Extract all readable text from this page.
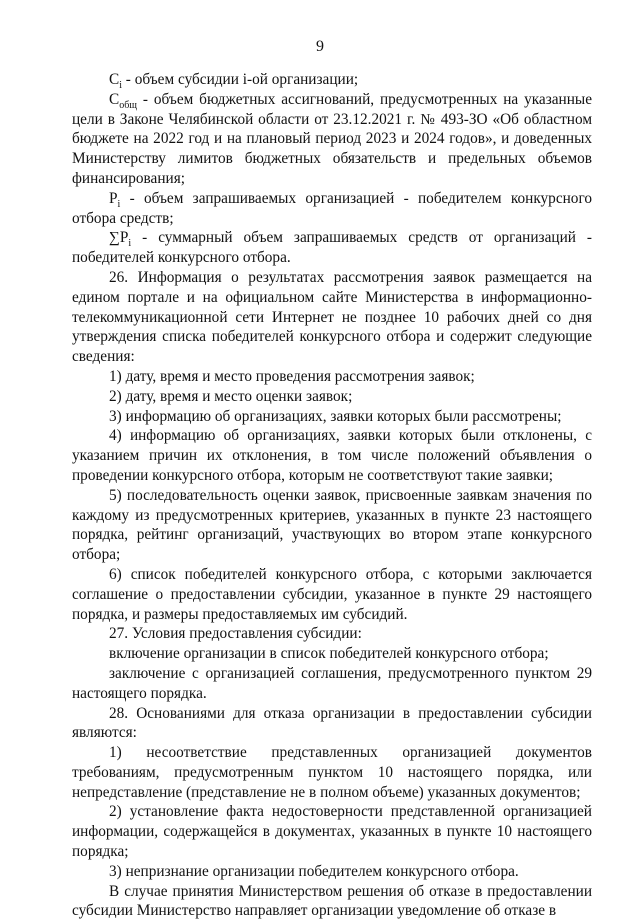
9

$C_i$ - объем субсидии i-ой организации;

$C_{общ}$ - объем бюджетных ассигнований, предусмотренных на указанные цели в Законе Челябинской области от 23.12.2021 г. № 493-ЗО «Об областном бюджете на 2022 год и на плановый период 2023 и 2024 годов», и доведенных Министерству лимитов бюджетных обязательств и предельных объемов финансирования;

$P_i$ - объем запрашиваемых организацией - победителем конкурсного отбора средств;

$\sum P_i$ - суммарный объем запрашиваемых средств от организаций - победителей конкурсного отбора.

26. Информация о результатах рассмотрения заявок размещается на едином портале и на официальном сайте Министерства в информационно-телекоммуникационной сети Интернет не позднее 10 рабочих дней со дня утверждения списка победителей конкурсного отбора и содержит следующие сведения:

1) дату, время и место проведения рассмотрения заявок;

2) дату, время и место оценки заявок;

3) информацию об организациях, заявки которых были рассмотрены;

4) информацию об организациях, заявки которых были отклонены, с указанием причин их отклонения, в том числе положений объявления о проведении конкурсного отбора, которым не соответствуют такие заявки;

5) последовательность оценки заявок, присвоенные заявкам значения по каждому из предусмотренных критериев, указанных в пункте 23 настоящего порядка, рейтинг организаций, участвующих во втором этапе конкурсного отбора;

6) список победителей конкурсного отбора, с которыми заключается соглашение о предоставлении субсидии, указанное в пункте 29 настоящего порядка, и размеры предоставляемых им субсидий.

27. Условия предоставления субсидии:

включение организации в список победителей конкурсного отбора;

заключение с организацией соглашения, предусмотренного пунктом 29 настоящего порядка.

28. Основаниями для отказа организации в предоставлении субсидии являются:

1) несоответствие представленных организацией документов требованиям, предусмотренным пунктом 10 настоящего порядка, или непредставление (представление не в полном объеме) указанных документов;

2) установление факта недостоверности представленной организацией информации, содержащейся в документах, указанных в пункте 10 настоящего порядка;

3) непризнание организации победителем конкурсного отбора.

В случае принятия Министерством решения об отказе в предоставлении субсидии Министерство направляет организации уведомление об отказе в
